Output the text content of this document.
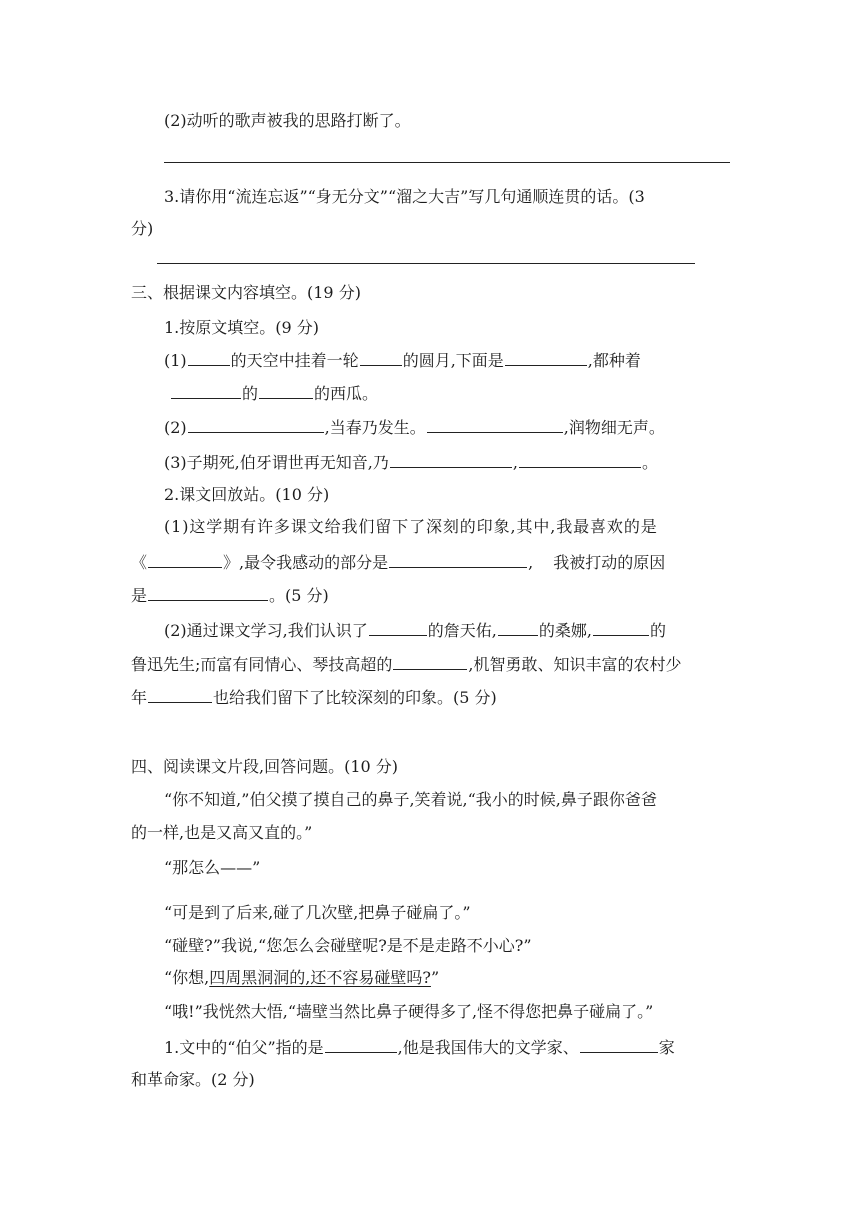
(2)动听的歌声被我的思路打断了。
3.请你用“流连忘返”“身无分文”“溜之大吉”写几句通顺连贯的话。(3
分)
三、根据课文内容填空。(19 分)
1.按原文填空。(9 分)
(1)	的天空中挂着一轮	的圆月,下面是	,都种着
的	的西瓜。
(2)	,当春乃发生。	,润物细无声。
(3)子期死,伯牙谓世再无知音,乃	,	。
2.课文回放站。(10 分)
(1)这学期有许多课文给我们留下了深刻的印象,其中,我最喜欢的是
《	》,最令我感动的部分是	, 我被打动的原因
是	。(5 分)
(2)通过课文学习,我们认识了	的詹天佑,	的桑娜,	的
鲁迅先生;而富有同情心、琴技高超的	,机智勇敢、知识丰富的农村少
年	也给我们留下了比较深刻的印象。(5 分)
四、阅读课文片段,回答问题。(10 分)
“你不知道,”伯父摸了摸自己的鼻子,笑着说,“我小的时候,鼻子跟你爸爸
的一样,也是又高又直的。”
“那怎么——”
“可是到了后来,碰了几次壁,把鼻子碰扁了。”
“碰壁?”我说,“您怎么会碰壁呢?是不是走路不小心?”
“你想,四周黑洞洞的,还不容易碰壁吗?”
“哦!”我恍然大悟,“墙壁当然比鼻子硬得多了,怪不得您把鼻子碰扁了。”
1.文中的“伯父”指的是	,他是我国伟大的文学家、	家
和革命家。(2 分)
